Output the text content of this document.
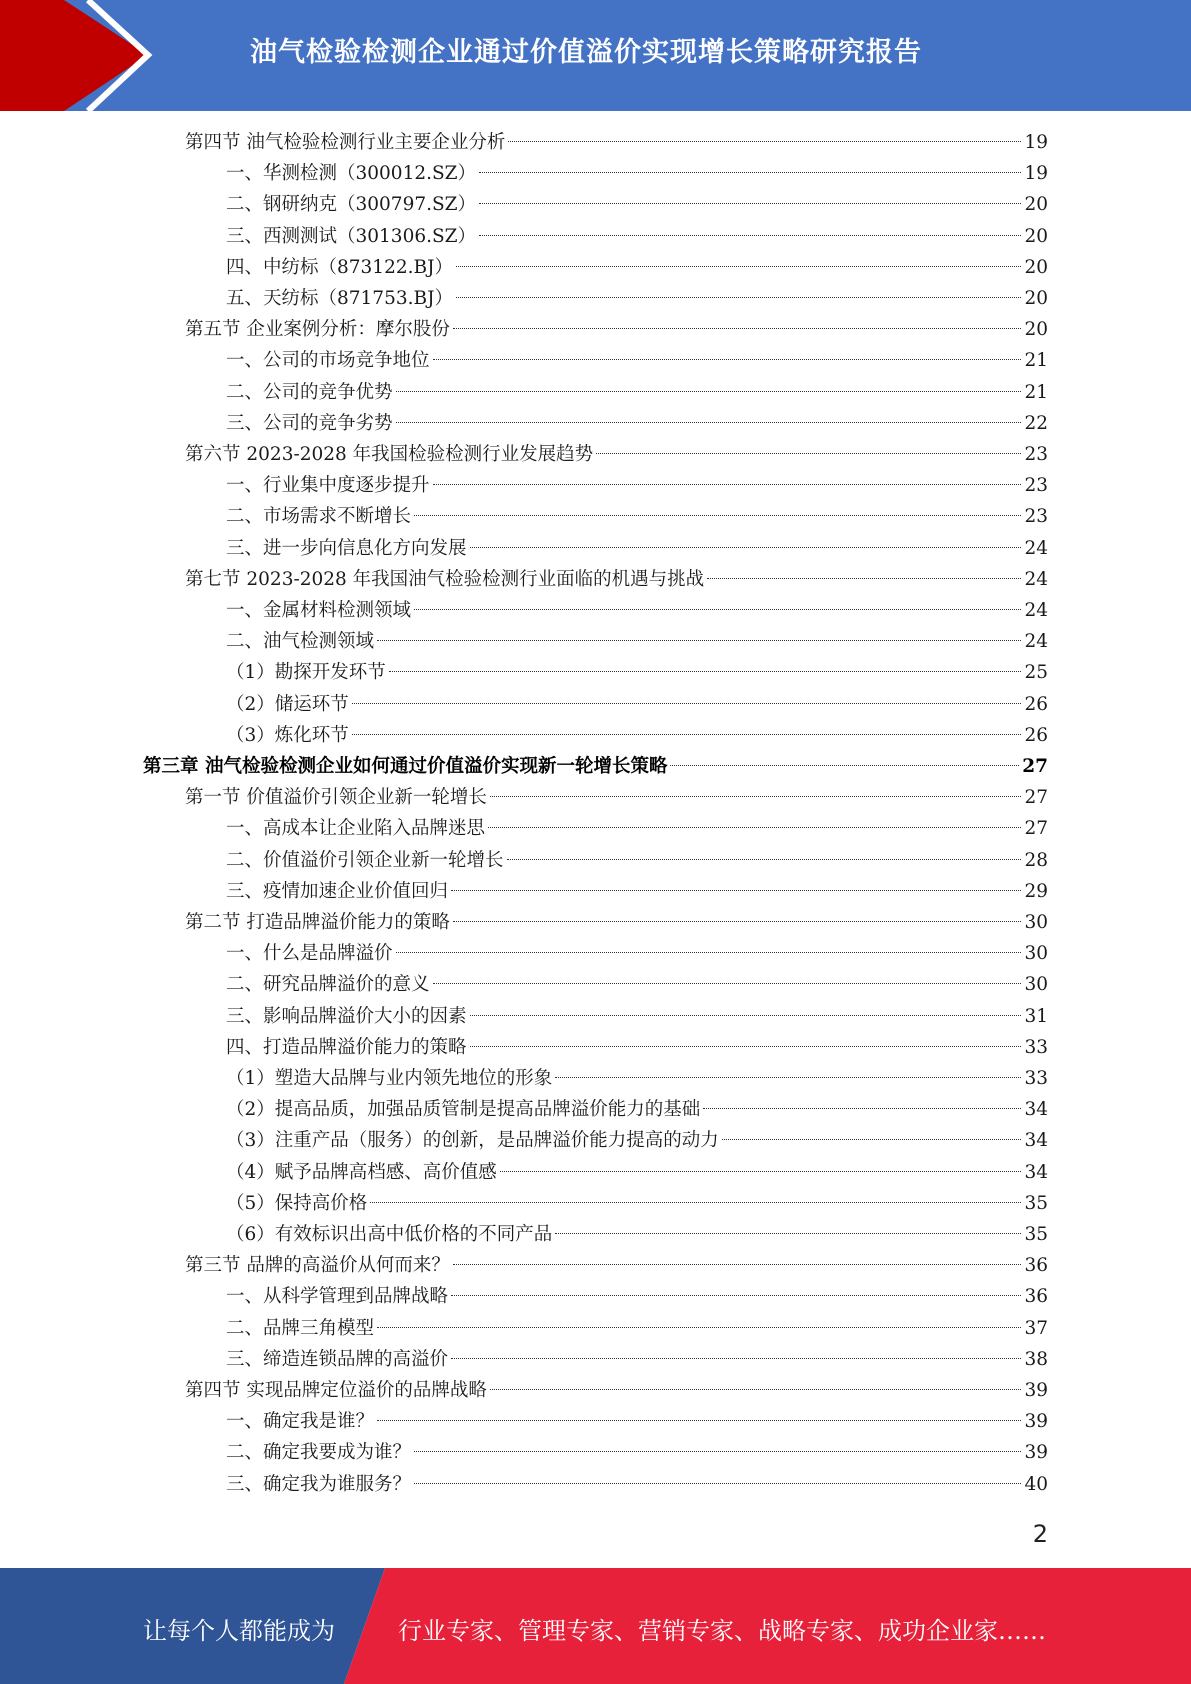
油气检验检测企业通过价值溢价实现增长策略研究报告
第四节 油气检验检测行业主要企业分析	19
一、华测检测（300012.SZ）	19
二、钢研纳克（300797.SZ）	20
三、西测测试（301306.SZ）	20
四、中纺标（873122.BJ）	20
五、天纺标（871753.BJ）	20
第五节 企业案例分析：摩尔股份	20
一、公司的市场竞争地位	21
二、公司的竞争优势	21
三、公司的竞争劣势	22
第六节 2023-2028 年我国检验检测行业发展趋势	23
一、行业集中度逐步提升	23
二、市场需求不断增长	23
三、进一步向信息化方向发展	24
第七节 2023-2028 年我国油气检验检测行业面临的机遇与挑战	24
一、金属材料检测领域	24
二、油气检测领域	24
（1）勘探开发环节	25
（2）储运环节	26
（3）炼化环节	26
第三章 油气检验检测企业如何通过价值溢价实现新一轮增长策略	27
第一节 价值溢价引领企业新一轮增长	27
一、高成本让企业陷入品牌迷思	27
二、价值溢价引领企业新一轮增长	28
三、疫情加速企业价值回归	29
第二节 打造品牌溢价能力的策略	30
一、什么是品牌溢价	30
二、研究品牌溢价的意义	30
三、影响品牌溢价大小的因素	31
四、打造品牌溢价能力的策略	33
（1）塑造大品牌与业内领先地位的形象	33
（2）提高品质，加强品质管制是提高品牌溢价能力的基础	34
（3）注重产品（服务）的创新，是品牌溢价能力提高的动力	34
（4）赋予品牌高档感、高价值感	34
（5）保持高价格	35
（6）有效标识出高中低价格的不同产品	35
第三节 品牌的高溢价从何而来？	36
一、从科学管理到品牌战略	36
二、品牌三角模型	37
三、缔造连锁品牌的高溢价	38
第四节 实现品牌定位溢价的品牌战略	39
一、确定我是谁？	39
二、确定我要成为谁？	39
三、确定我为谁服务？	40
2
让每个人都能成为	行业专家、管理专家、营销专家、战略专家、成功企业家……
